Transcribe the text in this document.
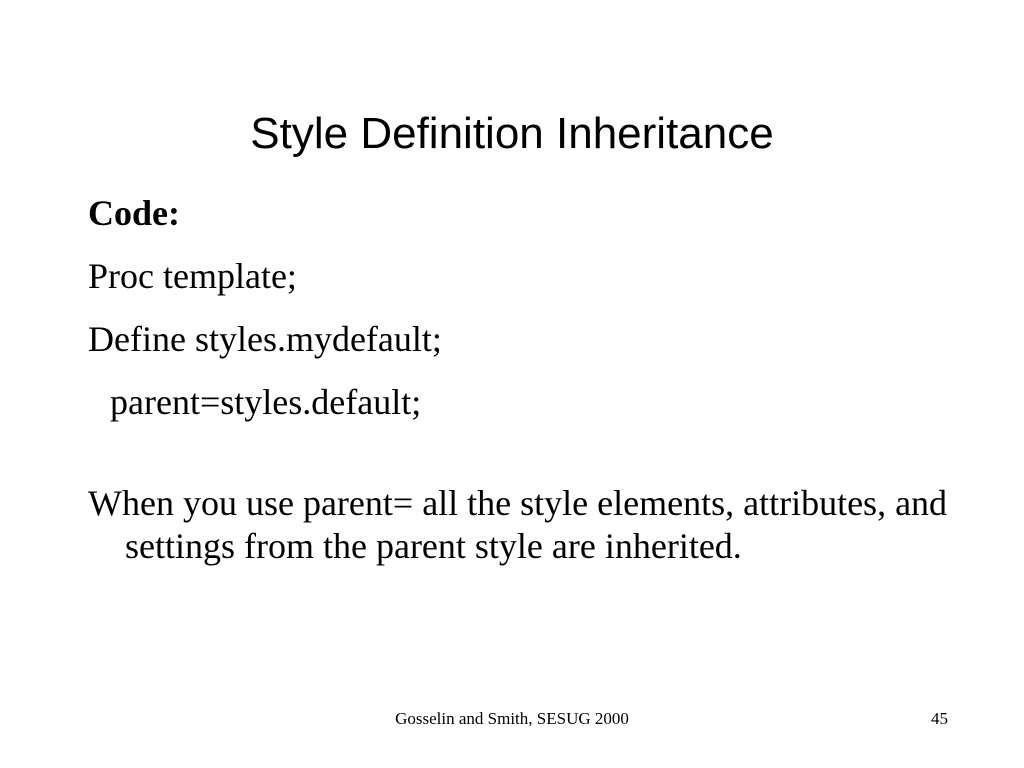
Style Definition Inheritance
Code:
Proc template;
Define styles.mydefault;
parent=styles.default;
When you use parent= all the style elements, attributes, and settings from the parent style are inherited.
Gosselin and Smith, SESUG 2000	45
